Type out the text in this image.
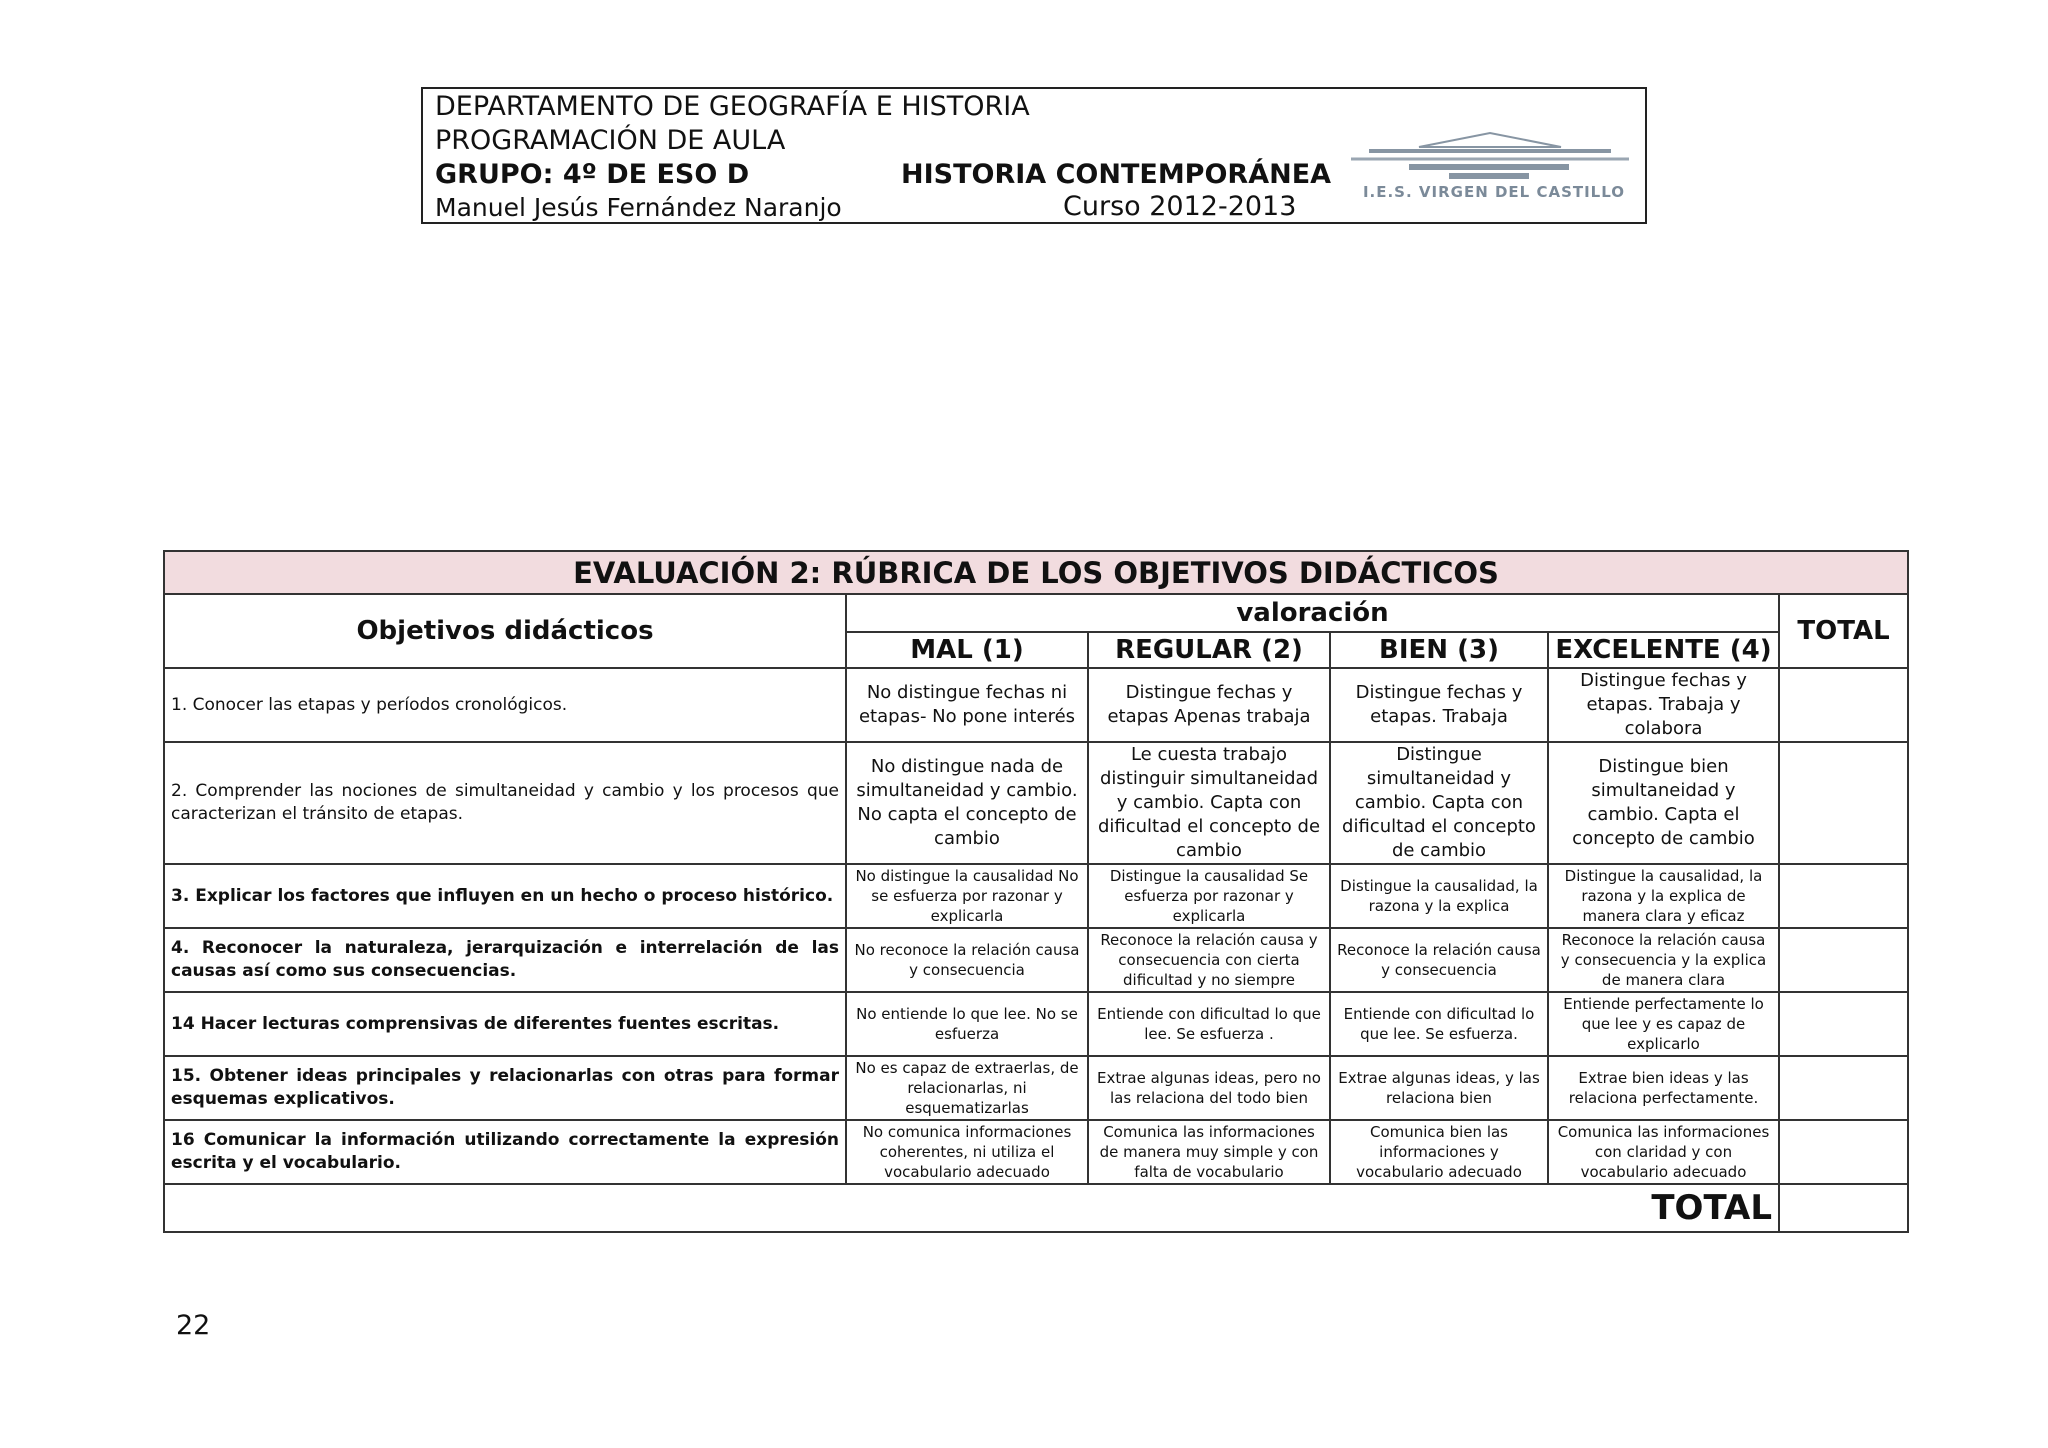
DEPARTAMENTO DE GEOGRAFÍA E HISTORIA
PROGRAMACIÓN DE AULA
GRUPO: 4º DE ESO D	HISTORIA CONTEMPORÁNEA
Manuel Jesús Fernández Naranjo	Curso 2012-2013	I.E.S. VIRGEN DEL CASTILLO
EVALUACIÓN 2: RÚBRICA DE LOS OBJETIVOS DIDÁCTICOS					
Objetivos didácticos	valoración				TOTAL
	MAL (1)	REGULAR (2)	BIEN (3)	EXCELENTE (4)	
1. Conocer las etapas y períodos cronológicos.	No distingue fechas ni etapas- No pone interés	Distingue fechas y etapas Apenas trabaja	Distingue fechas y etapas. Trabaja	Distingue fechas y etapas. Trabaja y colabora	
2. Comprender las nociones de simultaneidad y cambio y los procesos que caracterizan el tránsito de etapas.	No distingue nada de simultaneidad y cambio. No capta el concepto de cambio	Le cuesta trabajo distinguir simultaneidad y cambio. Capta con dificultad el concepto de cambio	Distingue simultaneidad y cambio. Capta con dificultad el concepto de cambio	Distingue bien simultaneidad y cambio. Capta el concepto de cambio	
3. Explicar los factores que influyen en un hecho o proceso histórico.	No distingue la causalidad No se esfuerza por razonar y explicarla	Distingue la causalidad Se esfuerza por razonar y explicarla	Distingue la causalidad, la razona y la explica	Distingue la causalidad, la razona y la explica de manera clara y eficaz	
4. Reconocer la naturaleza, jerarquización e interrelación de las causas así como sus consecuencias.	No reconoce la relación causa y consecuencia	Reconoce la relación causa y consecuencia con cierta dificultad y no siempre	Reconoce la relación causa y consecuencia	Reconoce la relación causa y consecuencia y la explica de manera clara	
14 Hacer lecturas comprensivas de diferentes fuentes escritas.	No entiende lo que lee. No se esfuerza	Entiende con dificultad lo que lee. Se esfuerza .	Entiende con dificultad lo que lee. Se esfuerza.	Entiende perfectamente lo que lee y es capaz de explicarlo	
15. Obtener ideas principales y relacionarlas con otras para formar esquemas explicativos.	No es capaz de extraerlas, de relacionarlas, ni esquematizarlas	Extrae algunas ideas, pero no las relaciona del todo bien	Extrae algunas ideas, y las relaciona bien	Extrae bien ideas y las relaciona perfectamente.	
16 Comunicar la información utilizando correctamente la expresión escrita y el vocabulario.	No comunica informaciones coherentes, ni utiliza el vocabulario adecuado	Comunica las informaciones de manera muy simple y con falta de vocabulario	Comunica bien las informaciones y vocabulario adecuado	Comunica las informaciones con claridad y con vocabulario adecuado	
TOTAL					
22
